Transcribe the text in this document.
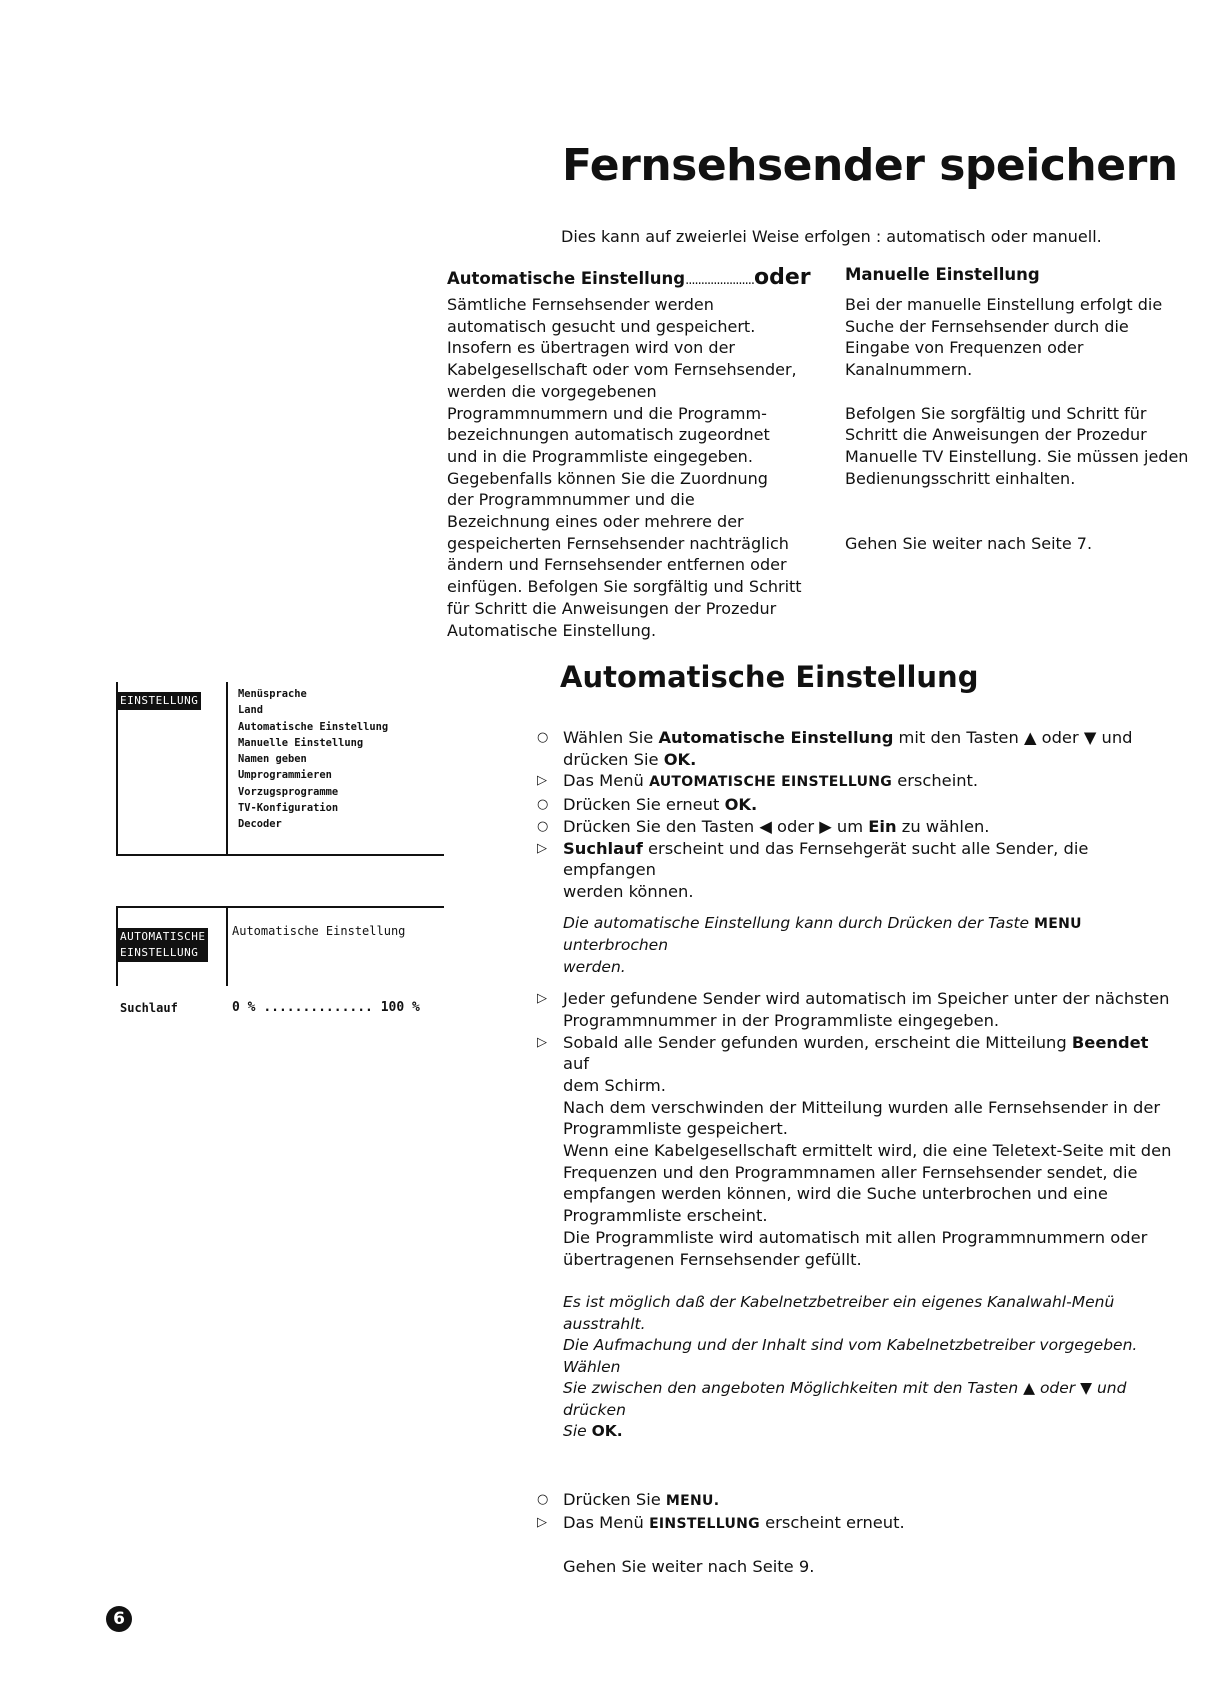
Fernsehsender speichern
Dies kann auf zweierlei Weise erfolgen : automatisch oder manuell.
Automatische Einstellung......................oder Manuelle Einstellung
Sämtliche Fernsehsender werden
automatisch gesucht und gespeichert.
Insofern es übertragen wird von der
Kabelgesellschaft oder vom Fernsehsender,
werden die vorgegebenen
Programmnummern und die Programm-
bezeichnungen automatisch zugeordnet
und in die Programmliste eingegeben.
Gegebenfalls können Sie die Zuordnung
der Programmnummer und die
Bezeichnung eines oder mehrere der
gespeicherten Fernsehsender nachträglich
ändern und Fernsehsender entfernen oder
einfügen. Befolgen Sie sorgfältig und Schritt
für Schritt die Anweisungen der Prozedur
Automatische Einstellung.

Bei der manuelle Einstellung erfolgt die
Suche der Fernsehsender durch die
Eingabe von Frequenzen oder
Kanalnummern.

Befolgen Sie sorgfältig und Schritt für
Schritt die Anweisungen der Prozedur
Manuelle TV Einstellung. Sie müssen jeden
Bedienungsschritt einhalten.

Gehen Sie weiter nach Seite 7.

Automatische Einstellung
○ Wählen Sie Automatische Einstellung mit den Tasten ▲ oder ▼ und
drücken Sie OK.
▷ Das Menü AUTOMATISCHE EINSTELLUNG erscheint.
○ Drücken Sie erneut OK.
○ Drücken Sie den Tasten ◀ oder ▶ um Ein zu wählen.
▷ Suchlauf erscheint und das Fernsehgerät sucht alle Sender, die empfangen
werden können.
Die automatische Einstellung kann durch Drücken der Taste MENU unterbrochen
werden.
▷ Jeder gefundene Sender wird automatisch im Speicher unter der nächsten
Programmnummer in der Programmliste eingegeben.
▷ Sobald alle Sender gefunden wurden, erscheint die Mitteilung Beendet auf
dem Schirm.
Nach dem verschwinden der Mitteilung wurden alle Fernsehsender in der
Programmliste gespeichert.
Wenn eine Kabelgesellschaft ermittelt wird, die eine Teletext-Seite mit den
Frequenzen und den Programmnamen aller Fernsehsender sendet, die
empfangen werden können, wird die Suche unterbrochen und eine
Programmliste erscheint.
Die Programmliste wird automatisch mit allen Programmnummern oder
übertragenen Fernsehsender gefüllt.
Es ist möglich daß der Kabelnetzbetreiber ein eigenes Kanalwahl-Menü ausstrahlt.
Die Aufmachung und der Inhalt sind vom Kabelnetzbetreiber vorgegeben. Wählen
Sie zwischen den angeboten Möglichkeiten mit den Tasten ▲ oder ▼ und drücken
Sie OK.
○ Drücken Sie MENU.
▷ Das Menü EINSTELLUNG erscheint erneut.
Gehen Sie weiter nach Seite 9.
EINSTELLUNG	Menüsprache
Land
Automatische Einstellung
Manuelle Einstellung
Namen geben
Umprogrammieren
Vorzugsprogramme
TV-Konfiguration
Decoder
AUTOMATISCHE
EINSTELLUNG
Automatische Einstellung
Suchlauf	0 % .............. 100 %
6
